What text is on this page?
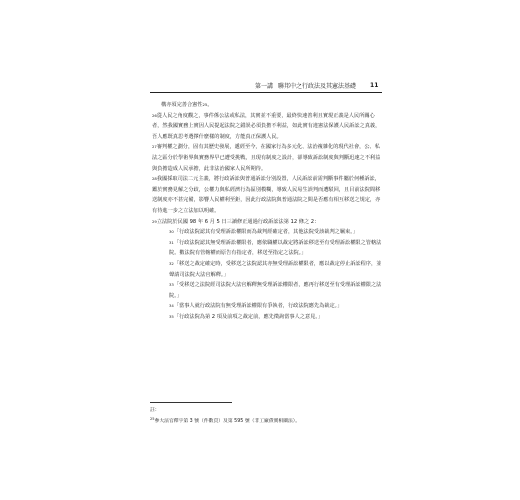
第一講 聯邦中之行政法及其憲法基礎 11
構亦須完善合憲性$^{25}$。
$^{26}$從人民之角度觀之，事件係公法或私法，其實並不重要，最終快速善利且實現正義是人民所關心者，然我國實務上實因人民提起法院之錯誤必須負擔不利益，如此實有違憲法保護人民訴訟之真義，吾人應既真思考選擇什麼樣的制度，方能真正保護人民。
$^{27}$審判權之劃分，固有其歷史發展，遞經至今，在國家行為多元化、法治複雜化的現代社會，公、私法之區分於學術界與實務界早已遭受挑戰，且現有制度之設計，卻導致訴訟制度與判斷迅速之不利益與負擔造成人民承擔，此非法治國家人民所期待。
$^{28}$我國採取司法二元主義，將行政訴訟與普通訴訟分別設置，人民訴訟前需判斷事件屬於何種訴訟，鑑於實務見解之分歧，公權力與私經濟行為區別模糊，導致人民易生誤判而遭駁回，且目前法院間移送制度亦不甚完備，影響人民權利至鉅，因此行政法院與普通法院之間是否應有相互移送之規定，亦有待進一步之立法加以明確。
$^{29}$立法院於民國 98 年 6 月 5 日三讀修正通過行政訴訟法第 12 條之 2：
$^{30}$「行政法院認其有受理訴訟權限而為裁判經確定者，其他法院受該裁判之羈束。」
$^{31}$「行政法院認其無受理訴訟權限者，應依職權以裁定將訴訟移送至有受理訴訟權限之管轄法院。數法院有管轄權而原告有指定者，移送至指定之法院。」
$^{32}$「移送之裁定確定時，受移送之法院認其亦無受理訴訟權限者，應以裁定停止訴訟程序，並聲請司法院大法官解釋。」
$^{33}$「受移送之法院經司法院大法官解釋無受理訴訟權限者，應再行移送至有受理訴訟權限之法院。」
$^{34}$「當事人就行政法院有無受理訴訟權限有爭執者，行政法院應先為裁定。」
$^{35}$「行政法院為第 2 項及前項之裁定前，應先徵詢當事人之意見。」
註：
$^{25}$參大法官釋字第 3 號（件數頁）及第 595 號（非工廠債實相關法）。
